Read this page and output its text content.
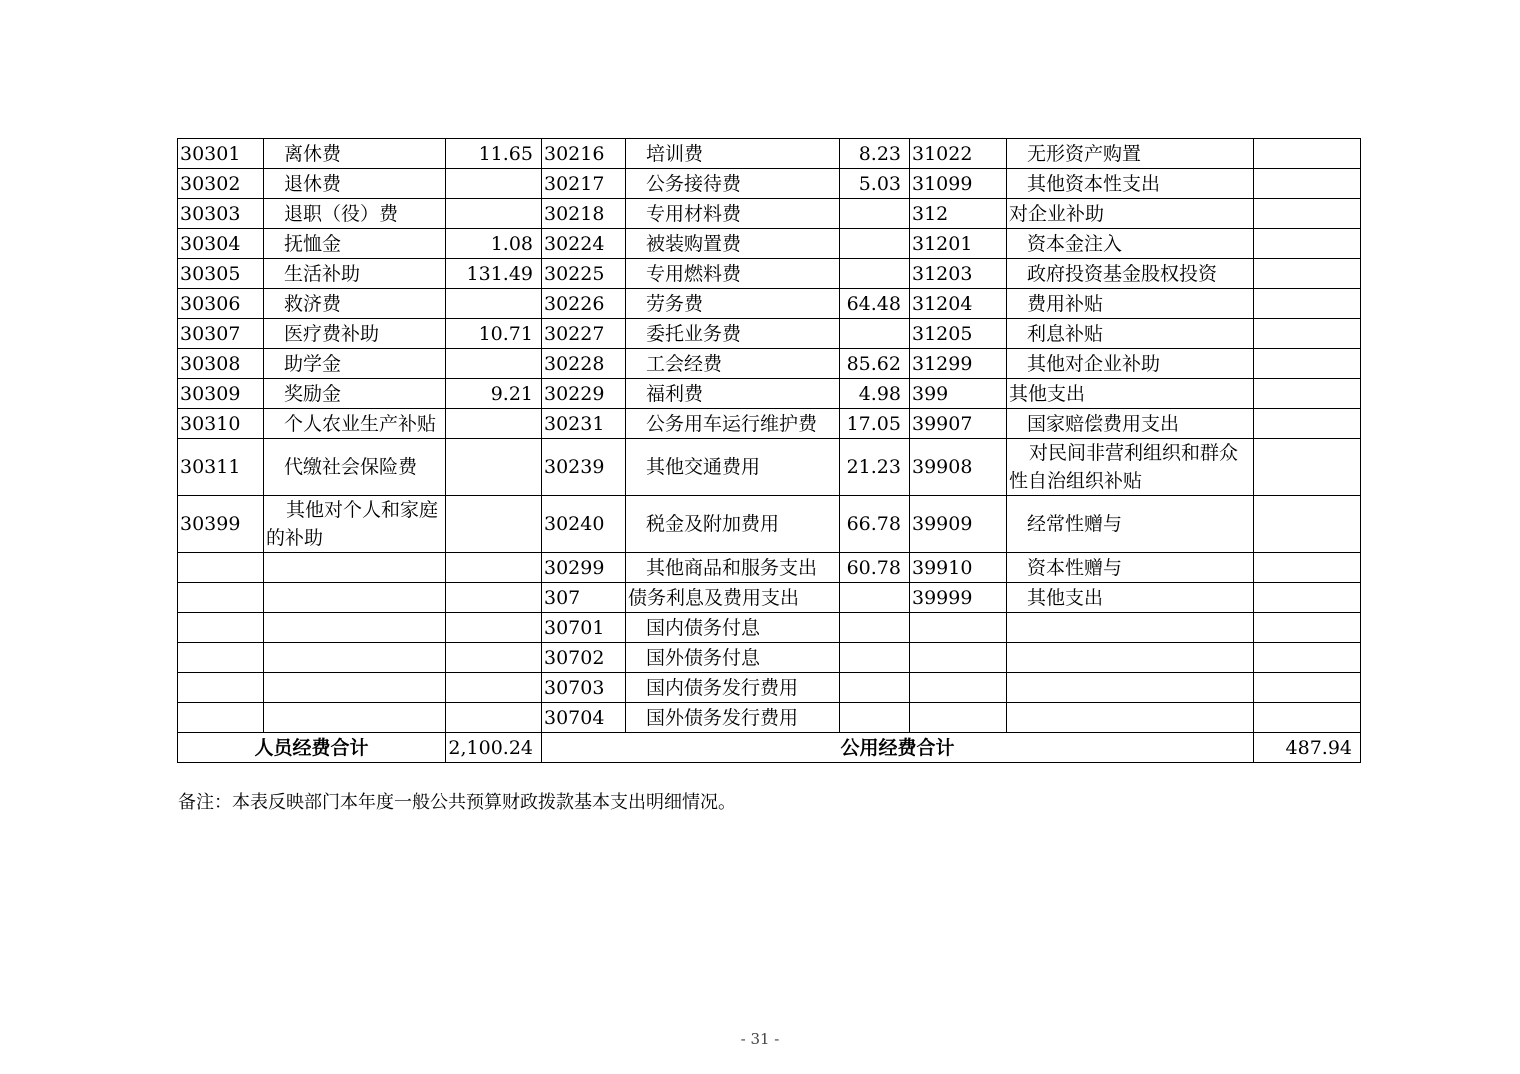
30301	离休费	11.65	30216	培训费	8.23	31022	无形资产购置	
30302	退休费		30217	公务接待费	5.03	31099	其他资本性支出	
30303	退职（役）费		30218	专用材料费		312	对企业补助	
30304	抚恤金	1.08	30224	被装购置费		31201	资本金注入	
30305	生活补助	131.49	30225	专用燃料费		31203	政府投资基金股权投资	
30306	救济费		30226	劳务费	64.48	31204	费用补贴	
30307	医疗费补助	10.71	30227	委托业务费		31205	利息补贴	
30308	助学金		30228	工会经费	85.62	31299	其他对企业补助	
30309	奖励金	9.21	30229	福利费	4.98	399	其他支出	
30310	个人农业生产补贴		30231	公务用车运行维护费	17.05	39907	国家赔偿费用支出	
30311	代缴社会保险费		30239	其他交通费用	21.23	39908	对民间非营利组织和群众性自治组织补贴	
30399	其他对个人和家庭的补助		30240	税金及附加费用	66.78	39909	经常性赠与	
			30299	其他商品和服务支出	60.78	39910	资本性赠与	
			307	债务利息及费用支出		39999	其他支出	
			30701	国内债务付息				
			30702	国外债务付息				
			30703	国内债务发行费用				
			30704	国外债务发行费用				
人员经费合计		2,100.24	公用经费合计					487.94
备注：本表反映部门本年度一般公共预算财政拨款基本支出明细情况。
- 31 -
